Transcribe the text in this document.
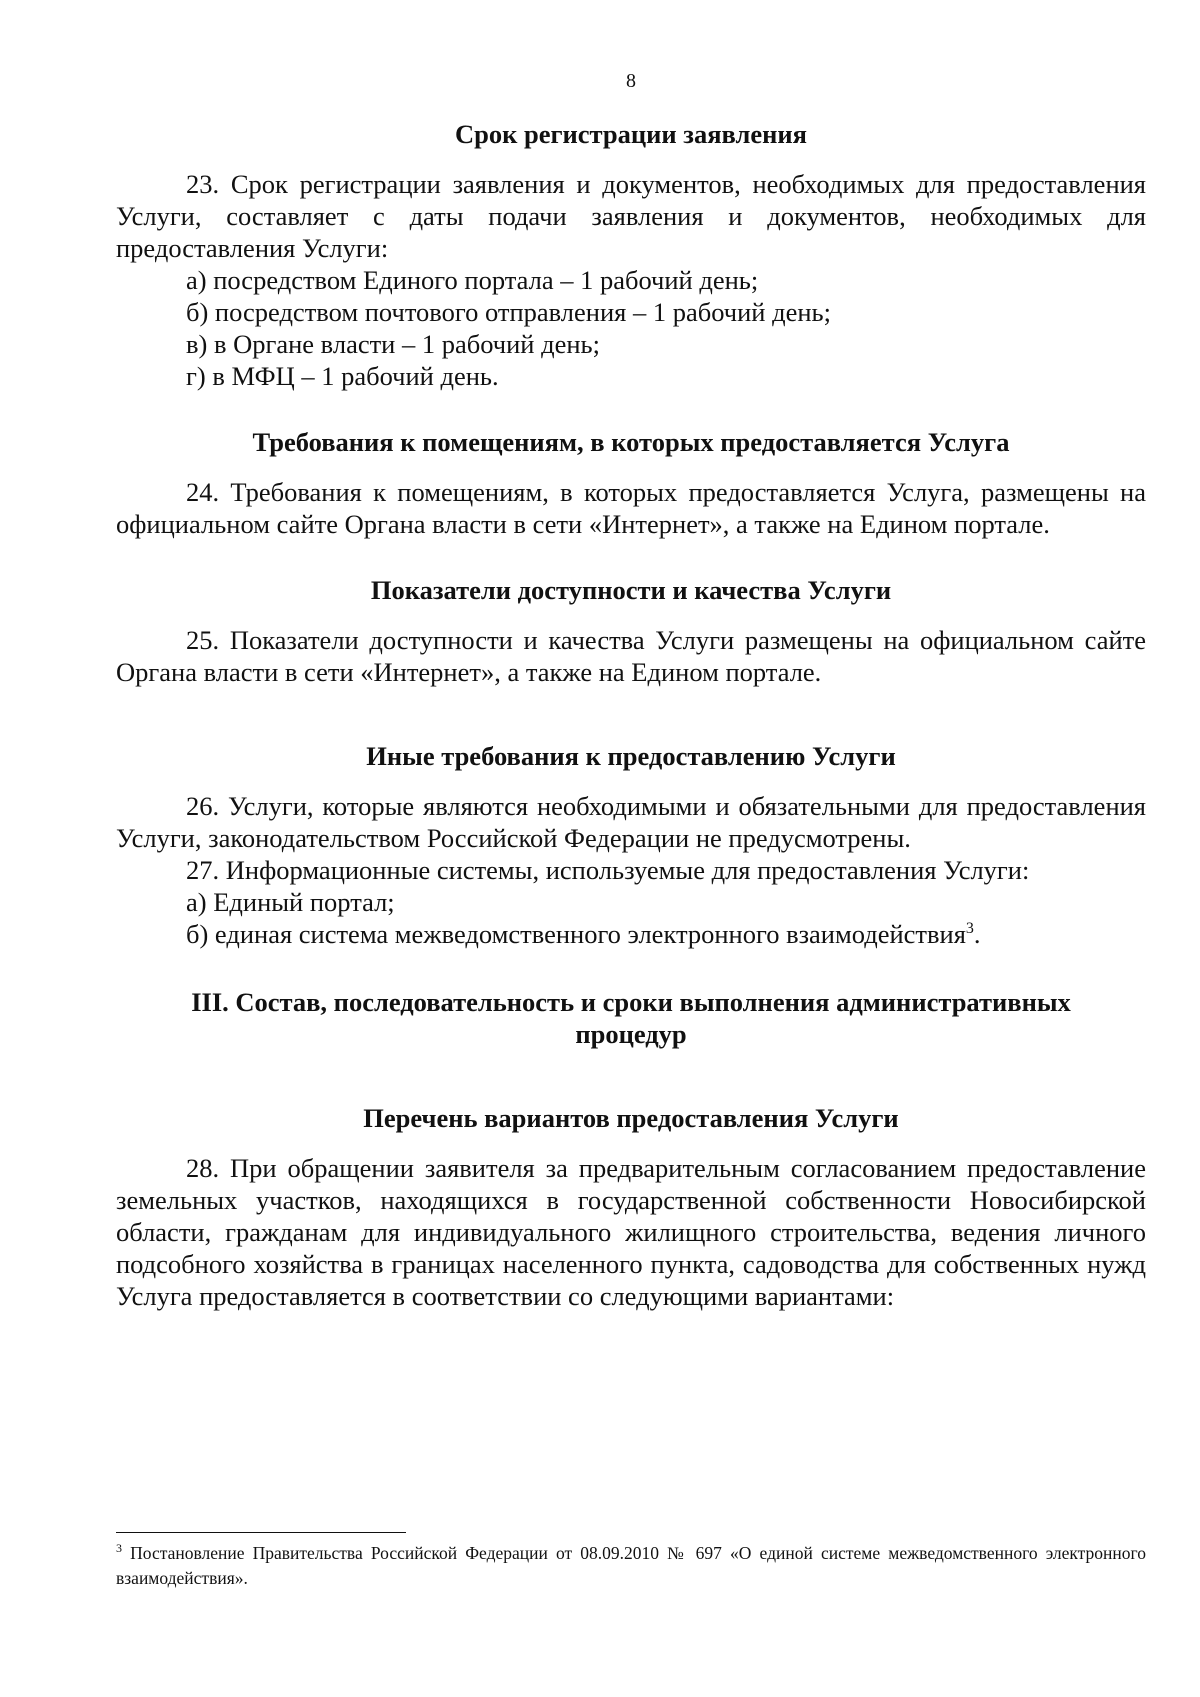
8

Срок регистрации заявления

23. Срок регистрации заявления и документов, необходимых для предоставления Услуги, составляет с даты подачи заявления и документов, необходимых для предоставления Услуги:

а) посредством Единого портала – 1 рабочий день;

б) посредством почтового отправления – 1 рабочий день;

в) в Органе власти – 1 рабочий день;

г) в МФЦ – 1 рабочий день.

Требования к помещениям, в которых предоставляется Услуга

24. Требования к помещениям, в которых предоставляется Услуга, размещены на официальном сайте Органа власти в сети «Интернет», а также на Едином портале.

Показатели доступности и качества Услуги

25. Показатели доступности и качества Услуги размещены на официальном сайте Органа власти в сети «Интернет», а также на Едином портале.

Иные требования к предоставлению Услуги

26. Услуги, которые являются необходимыми и обязательными для предоставления Услуги, законодательством Российской Федерации не предусмотрены.

27. Информационные системы, используемые для предоставления Услуги:

а) Единый портал;

б) единая система межведомственного электронного взаимодействия$^3$.

III. Состав, последовательность и сроки выполнения административных

процедур

Перечень вариантов предоставления Услуги

28. При обращении заявителя за предварительным согласованием предоставление земельных участков, находящихся в государственной собственности Новосибирской области, гражданам для индивидуального жилищного строительства, ведения личного подсобного хозяйства в границах населенного пункта, садоводства для собственных нужд Услуга предоставляется в соответствии со следующими вариантами:

$^3$ Постановление Правительства Российской Федерации от 08.09.2010 № 697 «О единой системе межведомственного электронного взаимодействия».
